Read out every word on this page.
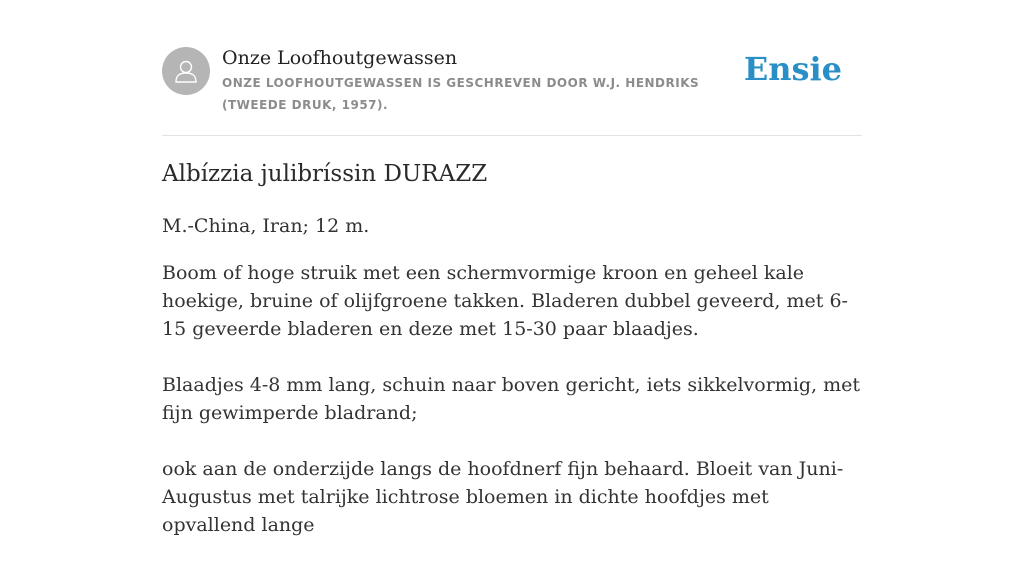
Onze Loofhoutgewassen
ONZE LOOFHOUTGEWASSEN IS GESCHREVEN DOOR W.J. HENDRIKS (TWEEDE DRUK, 1957).
Ensie
Albízzia julibríssin DURAZZ

M.-China, Iran; 12 m.

Boom of hoge struik met een schermvormige kroon en geheel kale hoekige, bruine of olijfgroene takken. Bladeren dubbel geveerd, met 6-15 geveerde bladeren en deze met 15-30 paar blaadjes.

Blaadjes 4-8 mm lang, schuin naar boven gericht, iets sikkelvormig, met fijn gewimperde bladrand;

ook aan de onderzijde langs de hoofdnerf fijn behaard. Bloeit van Juni-Augustus met talrijke lichtrose bloemen in dichte hoofdjes met opvallend lange
